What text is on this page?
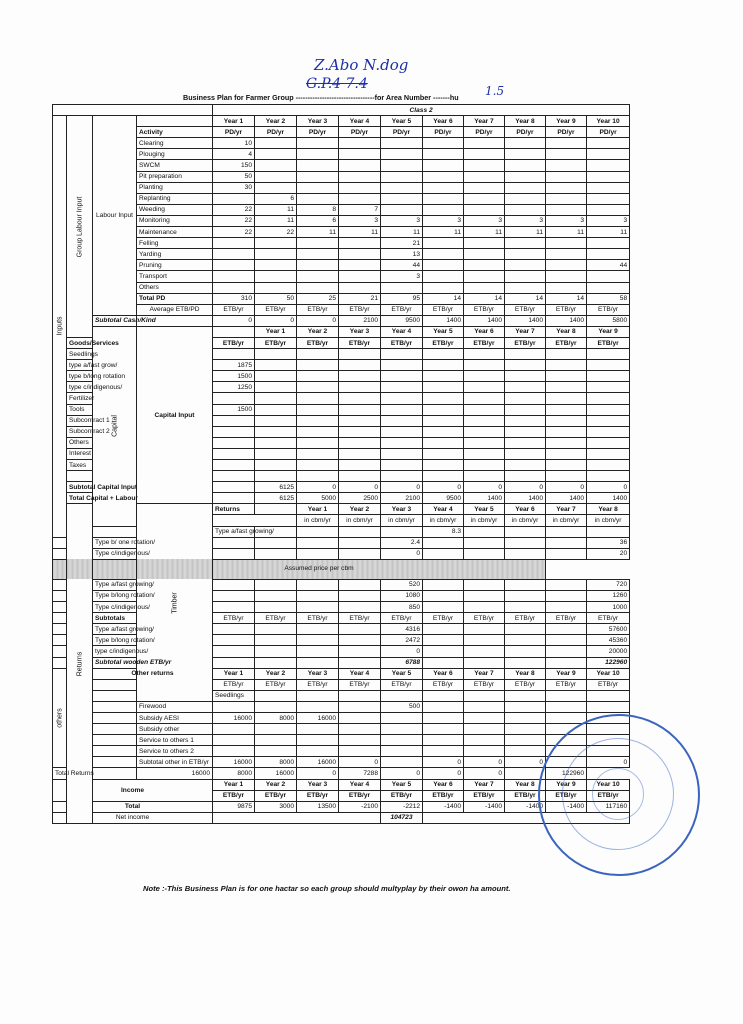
Z.Abo N.dog
G.P.4 7.4	1.5
Business Plan for Farmer Group ---------------------------------for Area Number -------hu
				Class 2										

Inputs	Group Labour Input	Labour Input		Year 1	Year 2	Year 3	Year 4	Year 5	Year 6	Year 7	Year 8	Year 9	Year 10	
			Activity	PD/yr	PD/yr	PD/yr	PD/yr	PD/yr	PD/yr	PD/yr	PD/yr	PD/yr	PD/yr	
			Clearing	10										
			Plouging	4										
			SWCM	150										
			Pit preparation	50										
			Planting	30										
			Replanting		6									
			Weeding	22	11	8	7							
			Monitoring	22	11	6	3	3	3	3	3	3	3	
			Maintenance	22	22	11	11	11	11	11	11	11	11	
			Felling					21						
			Yarding					13						
			Pruning					44					44	
			Transport					3						
			Others											
			Total PD	310	50	25	21	95	14	14	14	14	58	
			Average ETB/PD	ETB/yr	ETB/yr	ETB/yr	ETB/yr	ETB/yr	ETB/yr	ETB/yr	ETB/yr	ETB/yr	ETB/yr	
		Subtotal Cash/Kind		0	0	0	2100	9500	1400	1400	1400	1400	5800	

		Capital	Capital Input		Year 1	Year 2	Year 3	Year 4	Year 5	Year 6	Year 7	Year 8	Year 9	
	Goods/Services			ETB/yr	ETB/yr	ETB/yr	ETB/yr	ETB/yr	ETB/yr	ETB/yr	ETB/yr	ETB/yr	ETB/yr	
	Seedlings													
	type a/fast grow/			1875										
	type b/long rotation			1500										
	type c/indigenous/			1250										
	Fertilizer													
	Tools			1500										
	Subcontract 1													
	Subcontract 2													
	Others													
	Interest													
	Taxes													

	Subtotal Capital Input				6125	0	0	0	0	0	0	0	0	
	Total Capital + Labour				6125	5000	2500	2100	9500	1400	1400	1400	1400	

	Returns		Timber	Returns		Year 1	Year 2	Year 3	Year 4	Year 5	Year 6	Year 7	Year 8		
						in cbm/yr	in cbm/yr	in cbm/yr	in cbm/yr	in cbm/yr	in cbm/yr	in cbm/yr	in cbm/yr		
				Type a/fast growing/					8.3					
		Type b/ one rotation/						2.4					36	
		Type c/indigenous/						0					20	
		Assumed price per cbm												
		Type a/fast growing/						520					720	
		Type b/long rotation/						1080					1260	
		Type c/indigenous/						850					1000	
		Subtotals		ETB/yr	ETB/yr	ETB/yr	ETB/yr	ETB/yr	ETB/yr	ETB/yr	ETB/yr	ETB/yr	ETB/yr	
		Type a/fast growing/						4316					57600	
		Type b/long rotation/						2472					45360	
		type c/indigenous/						0					20000	
		Subtotal wooden ETB/yr						6788					122960	

others		Other returns		Year 1	Year 2	Year 3	Year 4	Year 5	Year 6	Year 7	Year 8	Year 9	Year 10	
				ETB/yr	ETB/yr	ETB/yr	ETB/yr	ETB/yr	ETB/yr	ETB/yr	ETB/yr	ETB/yr	ETB/yr	
				Seedlings										
			Firewood					500						
			Subsidy AESI	16000	8000	16000								
			Subsidy other											
			Service to others 1											
			Service to others 2											
			Subtotal other in ETB/yr	16000	8000	16000	0		0	0	0		0	
Total Returns			16000	8000	16000	0	7288	0	0	0		122960		
Income				Year 1	Year 2	Year 3	Year 4	Year 5	Year 6	Year 7	Year 8	Year 9	Year 10	
				ETB/yr	ETB/yr	ETB/yr	ETB/yr	ETB/yr	ETB/yr	ETB/yr	ETB/yr	ETB/yr	ETB/yr	
Total				9875	3000	13500	-2100	-2212	-1400	-1400	-1400	-1400	117160	
Net income								104723						
Note :-This Business Plan is for one hactar so each group should multyplay by their owon ha amount.
